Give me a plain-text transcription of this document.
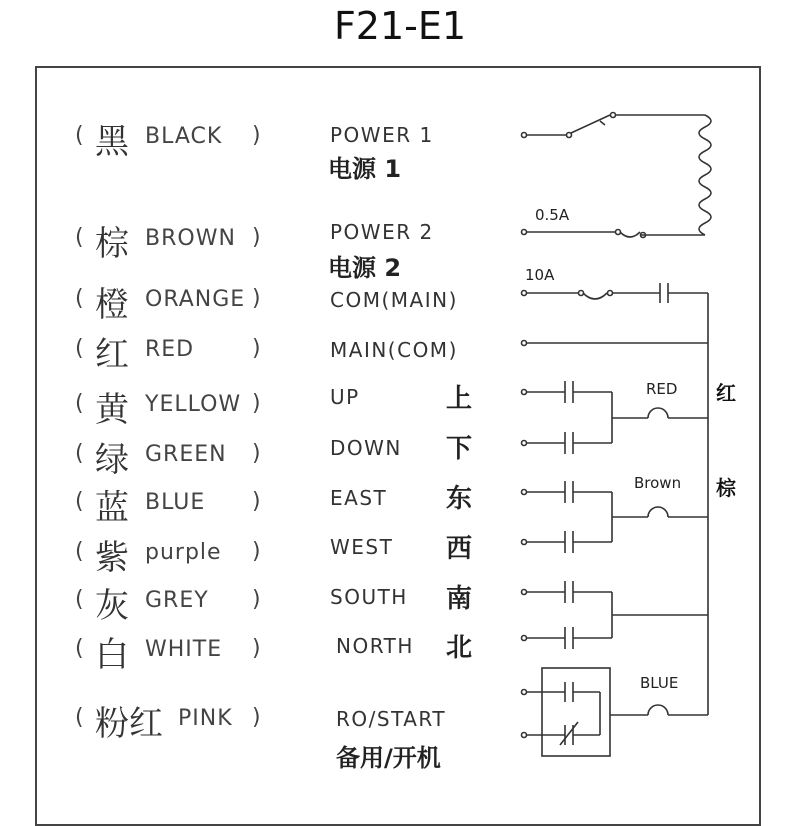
F21-E1
( 黑 BLACK )	POWER 1
电源 1
( 棕 BROWN )	POWER 2
电源 2
( 橙 ORANGE )	COM(MAIN)
( 红 RED	)	MAIN(COM)
( 黄 YELLOW )	UP	上
( 绿 GREEN )	DOWN 下
( 蓝 BLUE )	EAST 东
( 紫 purple )	WEST 西
( 灰 GREY )	SOUTH 南
( 白 WHITE )	NORTH 北
( 粉红 PINK )	RO/START
备用/开机
0.5A
10A
RED
Brown
BLUE
红
棕
